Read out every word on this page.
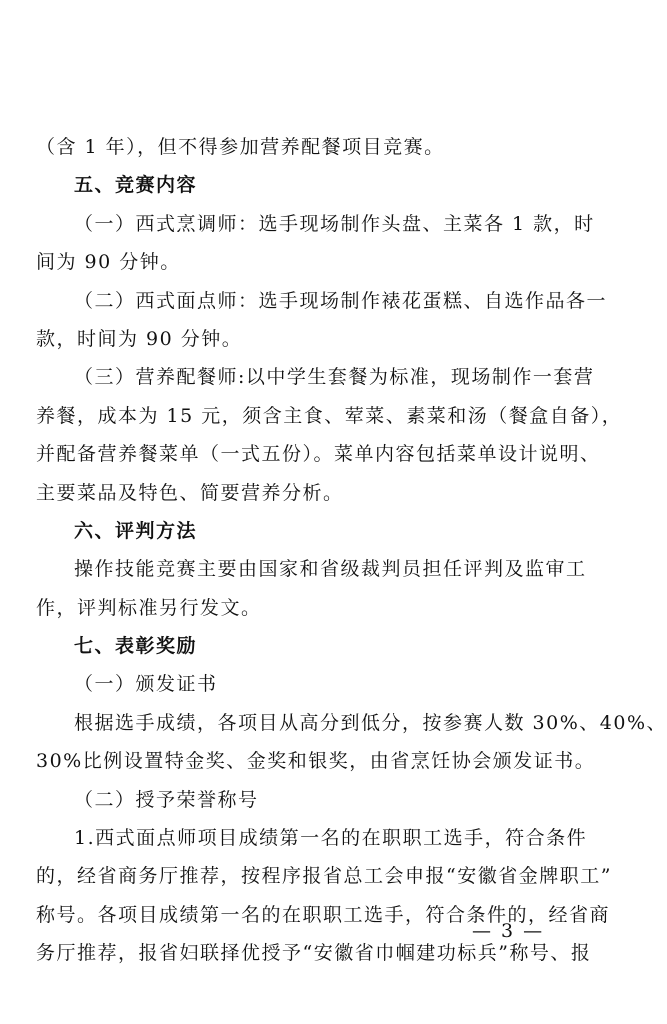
（含 1 年），但不得参加营养配餐项目竞赛。
五、竞赛内容
（一）西式烹调师：选手现场制作头盘、主菜各 1 款，时
间为 90 分钟。
（二）西式面点师：选手现场制作裱花蛋糕、自选作品各一
款，时间为 90 分钟。
（三）营养配餐师:以中学生套餐为标准，现场制作一套营
养餐，成本为 15 元，须含主食、荤菜、素菜和汤（餐盒自备），
并配备营养餐菜单（一式五份）。菜单内容包括菜单设计说明、
主要菜品及特色、简要营养分析。
六、评判方法
操作技能竞赛主要由国家和省级裁判员担任评判及监审工
作，评判标准另行发文。
七、表彰奖励
（一）颁发证书
根据选手成绩，各项目从高分到低分，按参赛人数 30%、40%、
30%比例设置特金奖、金奖和银奖，由省烹饪协会颁发证书。
（二）授予荣誉称号
1.西式面点师项目成绩第一名的在职职工选手，符合条件
的，经省商务厅推荐，按程序报省总工会申报“安徽省金牌职工”
称号。各项目成绩第一名的在职职工选手，符合条件的，经省商
务厅推荐，报省妇联择优授予“安徽省巾帼建功标兵”称号、报
— 3 —
